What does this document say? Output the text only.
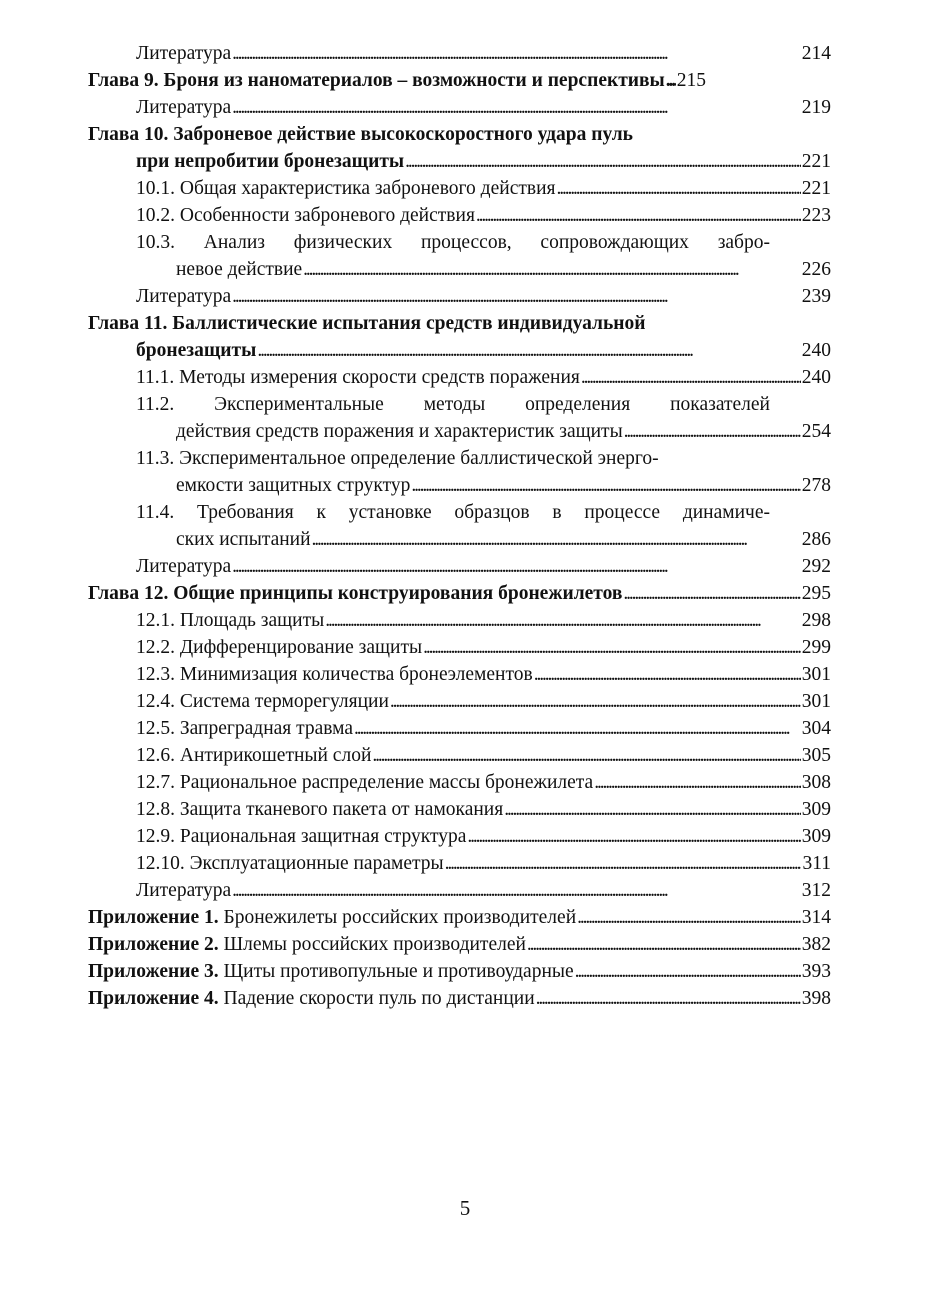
Литература . . .	214
Глава 9. Броня из наноматериалов – возможности и перспективы . . . 215
Литература . . .	219
Глава 10. Заброневое действие высокоскоростного удара пуль
при непробитии бронезащиты . . .	221
10.1. Общая характеристика заброневого действия . . .	221
10.2. Особенности заброневого действия . . .	223
10.3. Анализ физических процессов, сопровождающих забро-
невое действие . . .	226
Литература . . .	239
Глава 11. Баллистические испытания средств индивидуальной
бронезащиты . . .	240
11.1. Методы измерения скорости средств поражения . . .	240
11.2. Экспериментальные методы определения показателей
действия средств поражения и характеристик защиты . . .	254
11.3. Экспериментальное определение баллистической энерго-
емкости защитных структур . . .	278
11.4. Требования к установке образцов в процессе динамиче-
ских испытаний . . .	286
Литература . . .	292
Глава 12. Общие принципы конструирования бронежилетов . . .	295
12.1. Площадь защиты . . .	298
12.2. Дифференцирование защиты . . .	299
12.3. Минимизация количества бронеэлементов . . .	301
12.4. Система терморегуляции . . .	301
12.5. Запреградная травма . . .	304
12.6. Антирикошетный слой . . .	305
12.7. Рациональное распределение массы бронежилета . . .	308
12.8. Защита тканевого пакета от намокания . . .	309
12.9. Рациональная защитная структура . . .	309
12.10. Эксплуатационные параметры . . .	311
Литература . . .	312
Приложение 1. Бронежилеты российских производителей . . .	314
Приложение 2. Шлемы российских производителей . . .	382
Приложение 3. Щиты противопульные и противоударные . . .	393
Приложение 4. Падение скорости пуль по дистанции . . .	398
5
